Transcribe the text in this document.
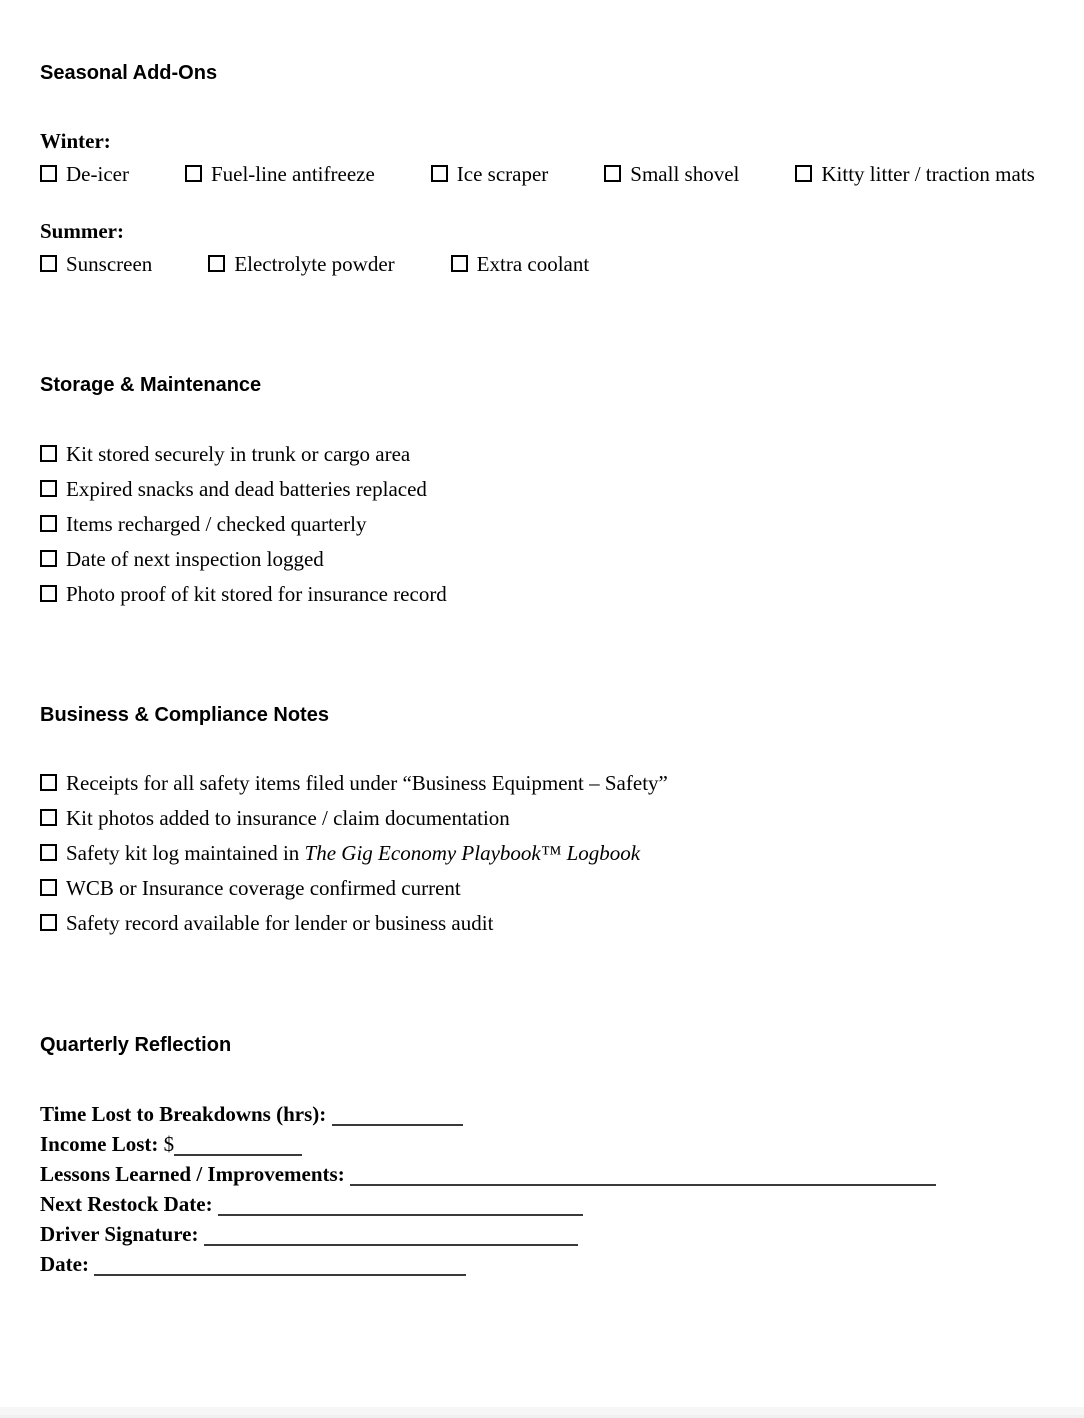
Seasonal Add-Ons
Winter:

De-icer	Fuel-line antifreeze	Ice scraper	Small shovel	Kitty litter / traction mats

Summer:

Sunscreen	Electrolyte powder	Extra coolant

Storage & Maintenance
Kit stored securely in trunk or cargo area
Expired snacks and dead batteries replaced
Items recharged / checked quarterly
Date of next inspection logged
Photo proof of kit stored for insurance record
Business & Compliance Notes
Receipts for all safety items filed under “Business Equipment – Safety”
Kit photos added to insurance / claim documentation
Safety kit log maintained in The Gig Economy Playbook™ Logbook
WCB or Insurance coverage confirmed current
Safety record available for lender or business audit
Quarterly Reflection
Time Lost to Breakdowns (hrs):
Income Lost: $
Lessons Learned / Improvements:
Next Restock Date:
Driver Signature:
Date:
